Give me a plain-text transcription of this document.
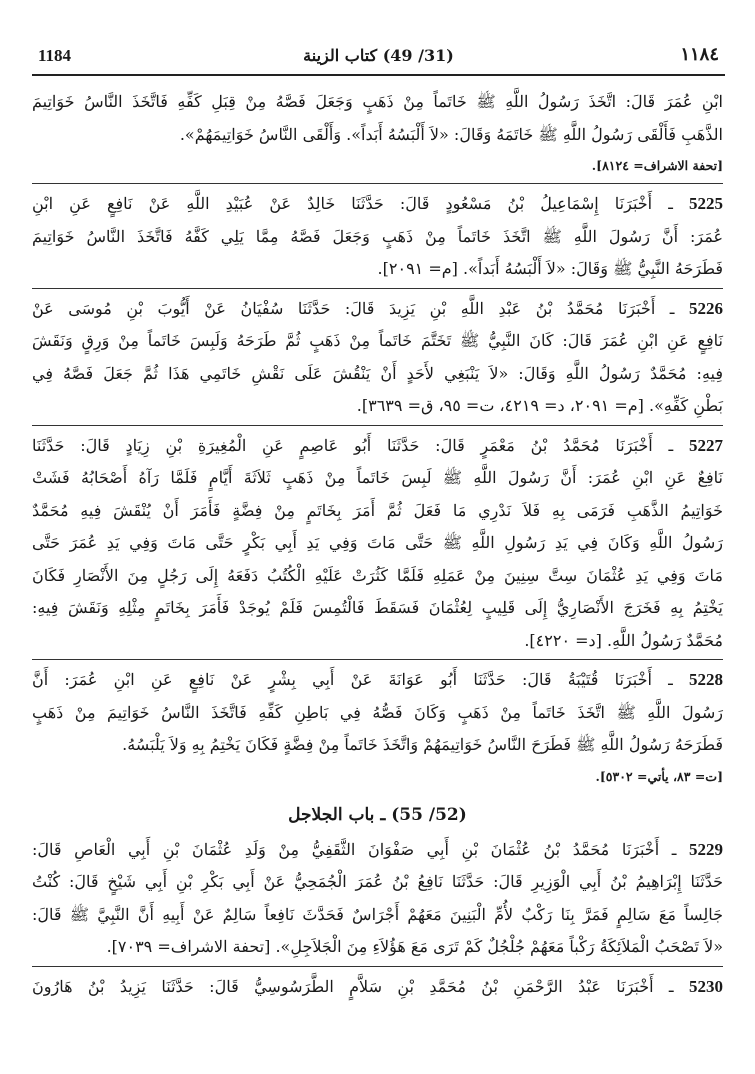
1184	(31/ 49) كتاب الزينة	١١٨٤

ابْنِ عُمَرَ قَالَ: اتَّخَذَ رَسُولُ اللَّهِ ﷺ خَاتَماً مِنْ ذَهَبٍ وَجَعَلَ فَصَّهُ مِنْ قِبَلِ كَفِّهِ فَاتَّخَذَ النَّاسُ خَوَاتِيمَ

الذَّهَبِ فَأَلْقَى رَسُولُ اللَّهِ ﷺ خَاتَمَهُ وَقَالَ: «لاَ أَلْبَسُهُ أَبَداً». وَأَلْقَى النَّاسُ خَوَاتِيمَهُمْ».

[تحفة الاشراف= ٨١٢٤].

5225 ـ أَخْبَرَنَا إِسْمَاعِيلُ بْنُ مَسْعُودٍ قَالَ: حَدَّثَنَا خَالِدٌ عَنْ عُبَيْدِ اللَّهِ عَنْ نَافِعٍ عَنِ ابْنِ

عُمَرَ: أَنَّ رَسُولَ اللَّهِ ﷺ اتَّخَذَ خَاتَماً مِنْ ذَهَبٍ وَجَعَلَ فَصَّهُ مِمَّا يَلِي كَفَّهُ فَاتَّخَذَ النَّاسُ خَوَاتِيمَ

فَطَرَحَهُ النَّبِيُّ ﷺ وَقَالَ: «لاَ أَلْبَسُهُ أَبَداً». [م= ٢٠٩١].

5226 ـ أَخْبَرَنَا مُحَمَّدُ بْنُ عَبْدِ اللَّهِ بْنِ يَزِيدَ قَالَ: حَدَّثَنَا سُفْيَانُ عَنْ أَيُّوبَ بْنِ مُوسَى عَنْ

نَافِعٍ عَنِ ابْنِ عُمَرَ قَالَ: كَانَ النَّبِيُّ ﷺ تَخَتَّمَ خَاتَماً مِنْ ذَهَبٍ ثُمَّ طَرَحَهُ وَلَبِسَ خَاتَماً مِنْ وَرِقٍ وَنَقَشَ

فِيهِ: مُحَمَّدٌ رَسُولُ اللَّهِ وَقَالَ: «لاَ يَنْبَغِي لأَحَدٍ أَنْ يَنْقُشَ عَلَى نَقْشِ خَاتَمِي هَذَا ثُمَّ جَعَلَ فَصَّهُ فِي

بَطْنِ كَفِّهِ». [م= ٢٠٩١، د= ٤٢١٩، ت= ٩٥، ق= ٣٦٣٩].

5227 ـ أَخْبَرَنَا مُحَمَّدُ بْنُ مَعْمَرٍ قَالَ: حَدَّثَنَا أَبُو عَاصِمٍ عَنِ الْمُغِيرَةِ بْنِ زِيَادٍ قَالَ: حَدَّثَنَا

نَافِعٌ عَنِ ابْنِ عُمَرَ: أَنَّ رَسُولَ اللَّهِ ﷺ لَبِسَ خَاتَماً مِنْ ذَهَبٍ ثَلاَثَةَ أَيَّامٍ فَلَمَّا رَآهُ أَصْحَابُهُ فَشَتْ

خَوَاتِيمُ الذَّهَبِ فَرَمَى بِهِ فَلاَ نَدْرِي مَا فَعَلَ ثُمَّ أَمَرَ بِخَاتَمٍ مِنْ فِضَّةٍ فَأَمَرَ أَنْ يُنْقَشَ فِيهِ مُحَمَّدٌ

رَسُولُ اللَّهِ وَكَانَ فِي يَدِ رَسُولِ اللَّهِ ﷺ حَتَّى مَاتَ وَفِي يَدِ أَبِي بَكْرٍ حَتَّى مَاتَ وَفِي يَدِ عُمَرَ حَتَّى

مَاتَ وَفِي يَدِ عُثْمَانَ سِتَّ سِنِينَ مِنْ عَمَلِهِ فَلَمَّا كَثُرَتْ عَلَيْهِ الْكُتُبُ دَفَعَهُ إِلَى رَجُلٍ مِنَ الأَنْصَارِ فَكَانَ

يَخْتِمُ بِهِ فَخَرَجَ الأَنْصَارِيُّ إِلَى قَلِيبٍ لِعُثْمَانَ فَسَقَطَ فَالْتُمِسَ فَلَمْ يُوجَدْ فَأَمَرَ بِخَاتَمٍ مِثْلِهِ وَنَقَشَ فِيهِ:

مُحَمَّدٌ رَسُولُ اللَّهِ. [د= ٤٢٢٠].

5228 ـ أَخْبَرَنَا قُتَيْبَةُ قَالَ: حَدَّثَنَا أَبُو عَوَانَةَ عَنْ أَبِي بِشْرٍ عَنْ نَافِعٍ عَنِ ابْنِ عُمَرَ: أَنَّ

رَسُولَ اللَّهِ ﷺ اتَّخَذَ خَاتَماً مِنْ ذَهَبٍ وَكَانَ فَصُّهُ فِي بَاطِنِ كَفِّهِ فَاتَّخَذَ النَّاسُ خَوَاتِيمَ مِنْ ذَهَبٍ

فَطَرَحَهُ رَسُولُ اللَّهِ ﷺ فَطَرَحَ النَّاسُ خَوَاتِيمَهُمْ وَاتَّخَذَ خَاتَماً مِنْ فِضَّةٍ فَكَانَ يَخْتِمُ بِهِ وَلاَ يَلْبَسُهُ.

[ت= ٨٣، يأتي= ٥٣٠٢].

(52/ 55) ـ باب الجلاجل

5229 ـ أَخْبَرَنَا مُحَمَّدُ بْنُ عُثْمَانَ بْنِ أَبِي صَفْوَانَ الثَّقَفِيُّ مِنْ وَلَدِ عُثْمَانَ بْنِ أَبِي الْعَاصِ قَالَ:

حَدَّثَنَا إِبْرَاهِيمُ بْنُ أَبِي الْوَزِيرِ قَالَ: حَدَّثَنَا نَافِعُ بْنُ عُمَرَ الْجُمَحِيُّ عَنْ أَبِي بَكْرِ بْنِ أَبِي شَيْخٍ قَالَ: كُنْتُ

جَالِساً مَعَ سَالِمٍ فَمَرَّ بِنَا رَكْبٌ لأُمِّ الْبَنِينَ مَعَهُمْ أَجْرَاسٌ فَحَدَّثَ نَافِعاً سَالِمٌ عَنْ أَبِيهِ أَنَّ النَّبِيَّ ﷺ قَالَ:

«لاَ تَصْحَبُ الْمَلاَئِكَةُ رَكْباً مَعَهُمْ جُلْجُلٌ كَمْ تَرَى مَعَ هَؤُلاَءِ مِنَ الْجَلاَجِلِ». [تحفة الاشراف= ٧٠٣٩].

5230 ـ أَخْبَرَنَا عَبْدُ الرَّحْمَنِ بْنُ مُحَمَّدِ بْنِ سَلاَّمٍ الطَّرَسُوسِيُّ قَالَ: حَدَّثَنَا يَزِيدُ بْنُ هَارُونَ
